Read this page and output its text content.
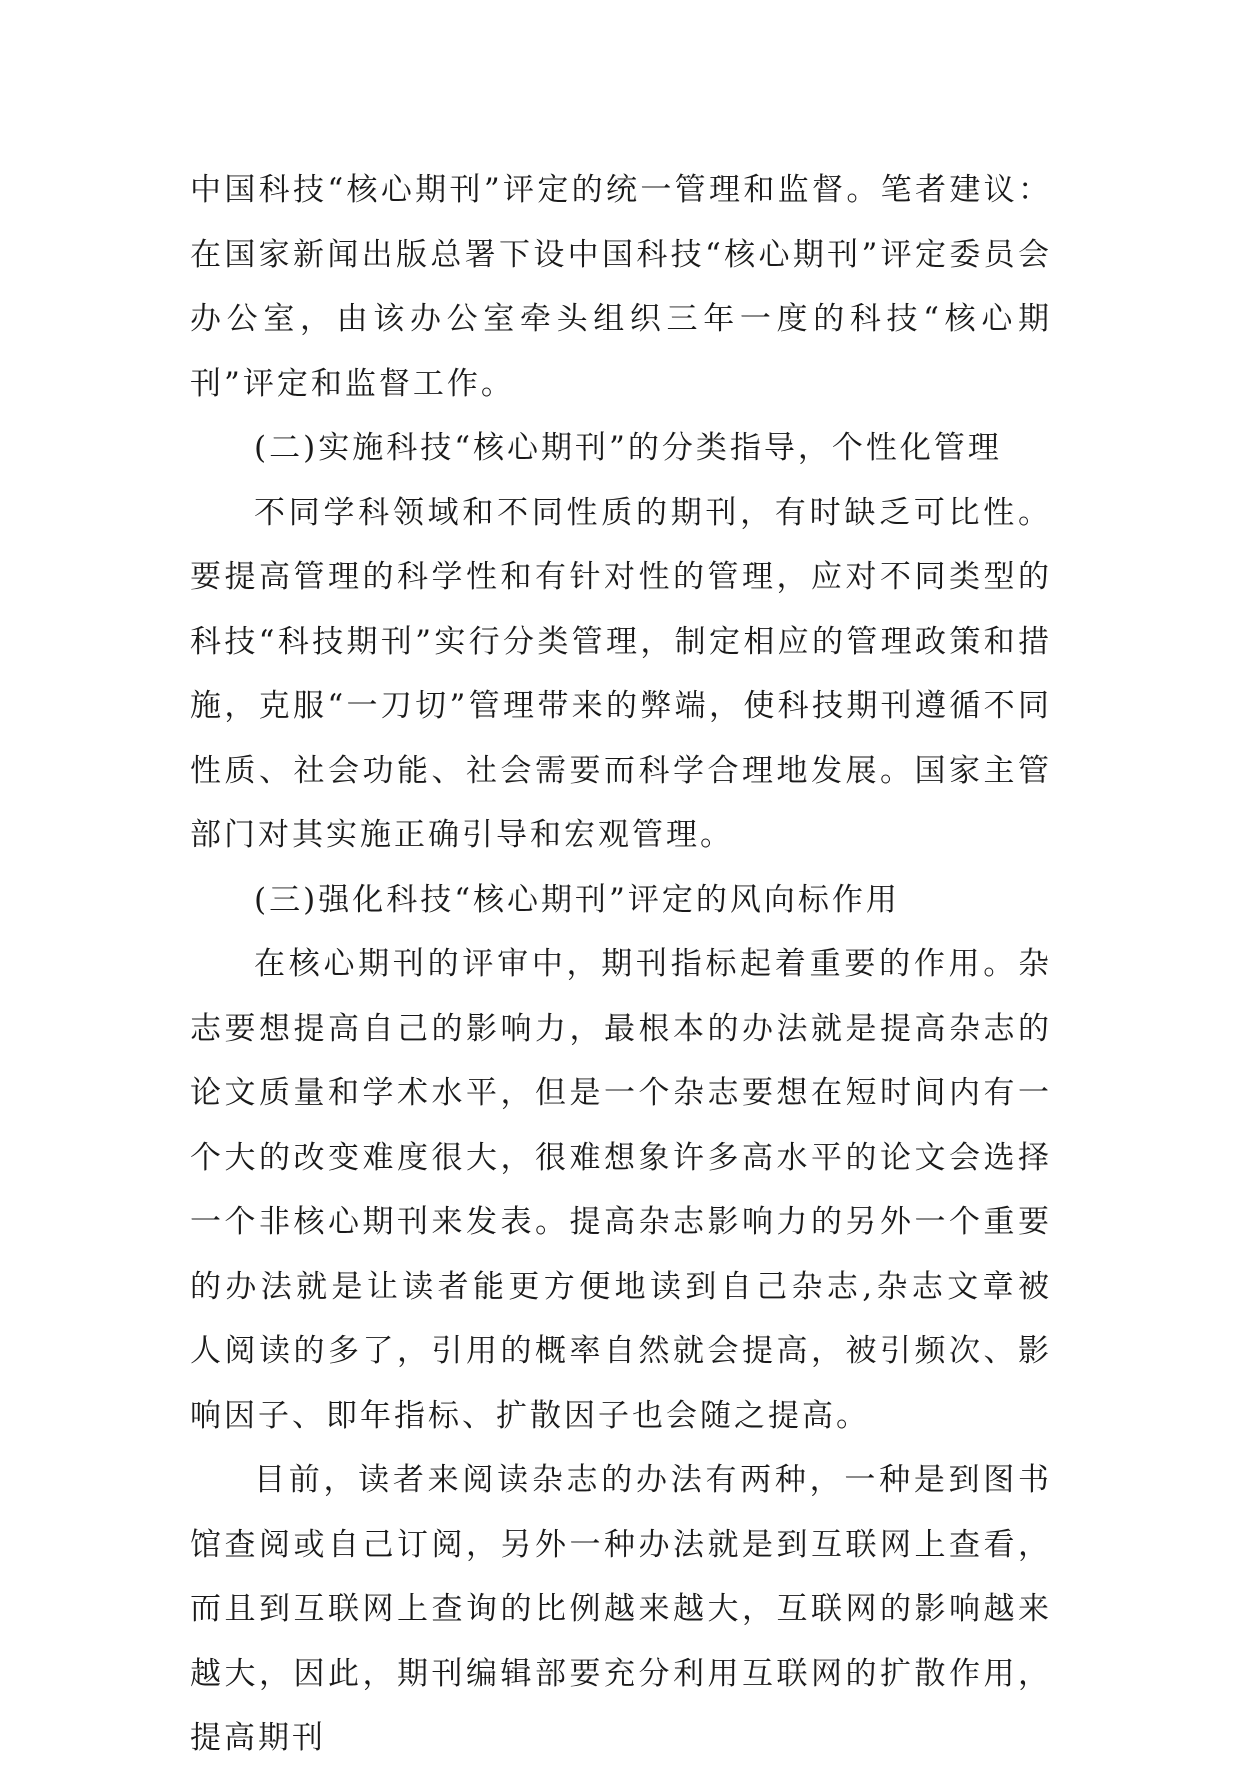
中国科技“核心期刊”评定的统一管理和监督。笔者建议：在国家新闻出版总署下设中国科技“核心期刊”评定委员会办公室，由该办公室牵头组织三年一度的科技“核心期刊”评定和监督工作。

(二)实施科技“核心期刊”的分类指导，个性化管理

不同学科领域和不同性质的期刊，有时缺乏可比性。要提高管理的科学性和有针对性的管理，应对不同类型的科技“科技期刊”实行分类管理，制定相应的管理政策和措施，克服“一刀切”管理带来的弊端，使科技期刊遵循不同性质、社会功能、社会需要而科学合理地发展。国家主管部门对其实施正确引导和宏观管理。

(三)强化科技“核心期刊”评定的风向标作用

在核心期刊的评审中，期刊指标起着重要的作用。杂志要想提高自己的影响力，最根本的办法就是提高杂志的论文质量和学术水平，但是一个杂志要想在短时间内有一个大的改变难度很大，很难想象许多高水平的论文会选择一个非核心期刊来发表。提高杂志影响力的另外一个重要的办法就是让读者能更方便地读到自己杂志,杂志文章被人阅读的多了，引用的概率自然就会提高，被引频次、影响因子、即年指标、扩散因子也会随之提高。

目前，读者来阅读杂志的办法有两种，一种是到图书馆查阅或自己订阅，另外一种办法就是到互联网上查看，而且到互联网上查询的比例越来越大，互联网的影响越来越大，因此，期刊编辑部要充分利用互联网的扩散作用，提高期刊
